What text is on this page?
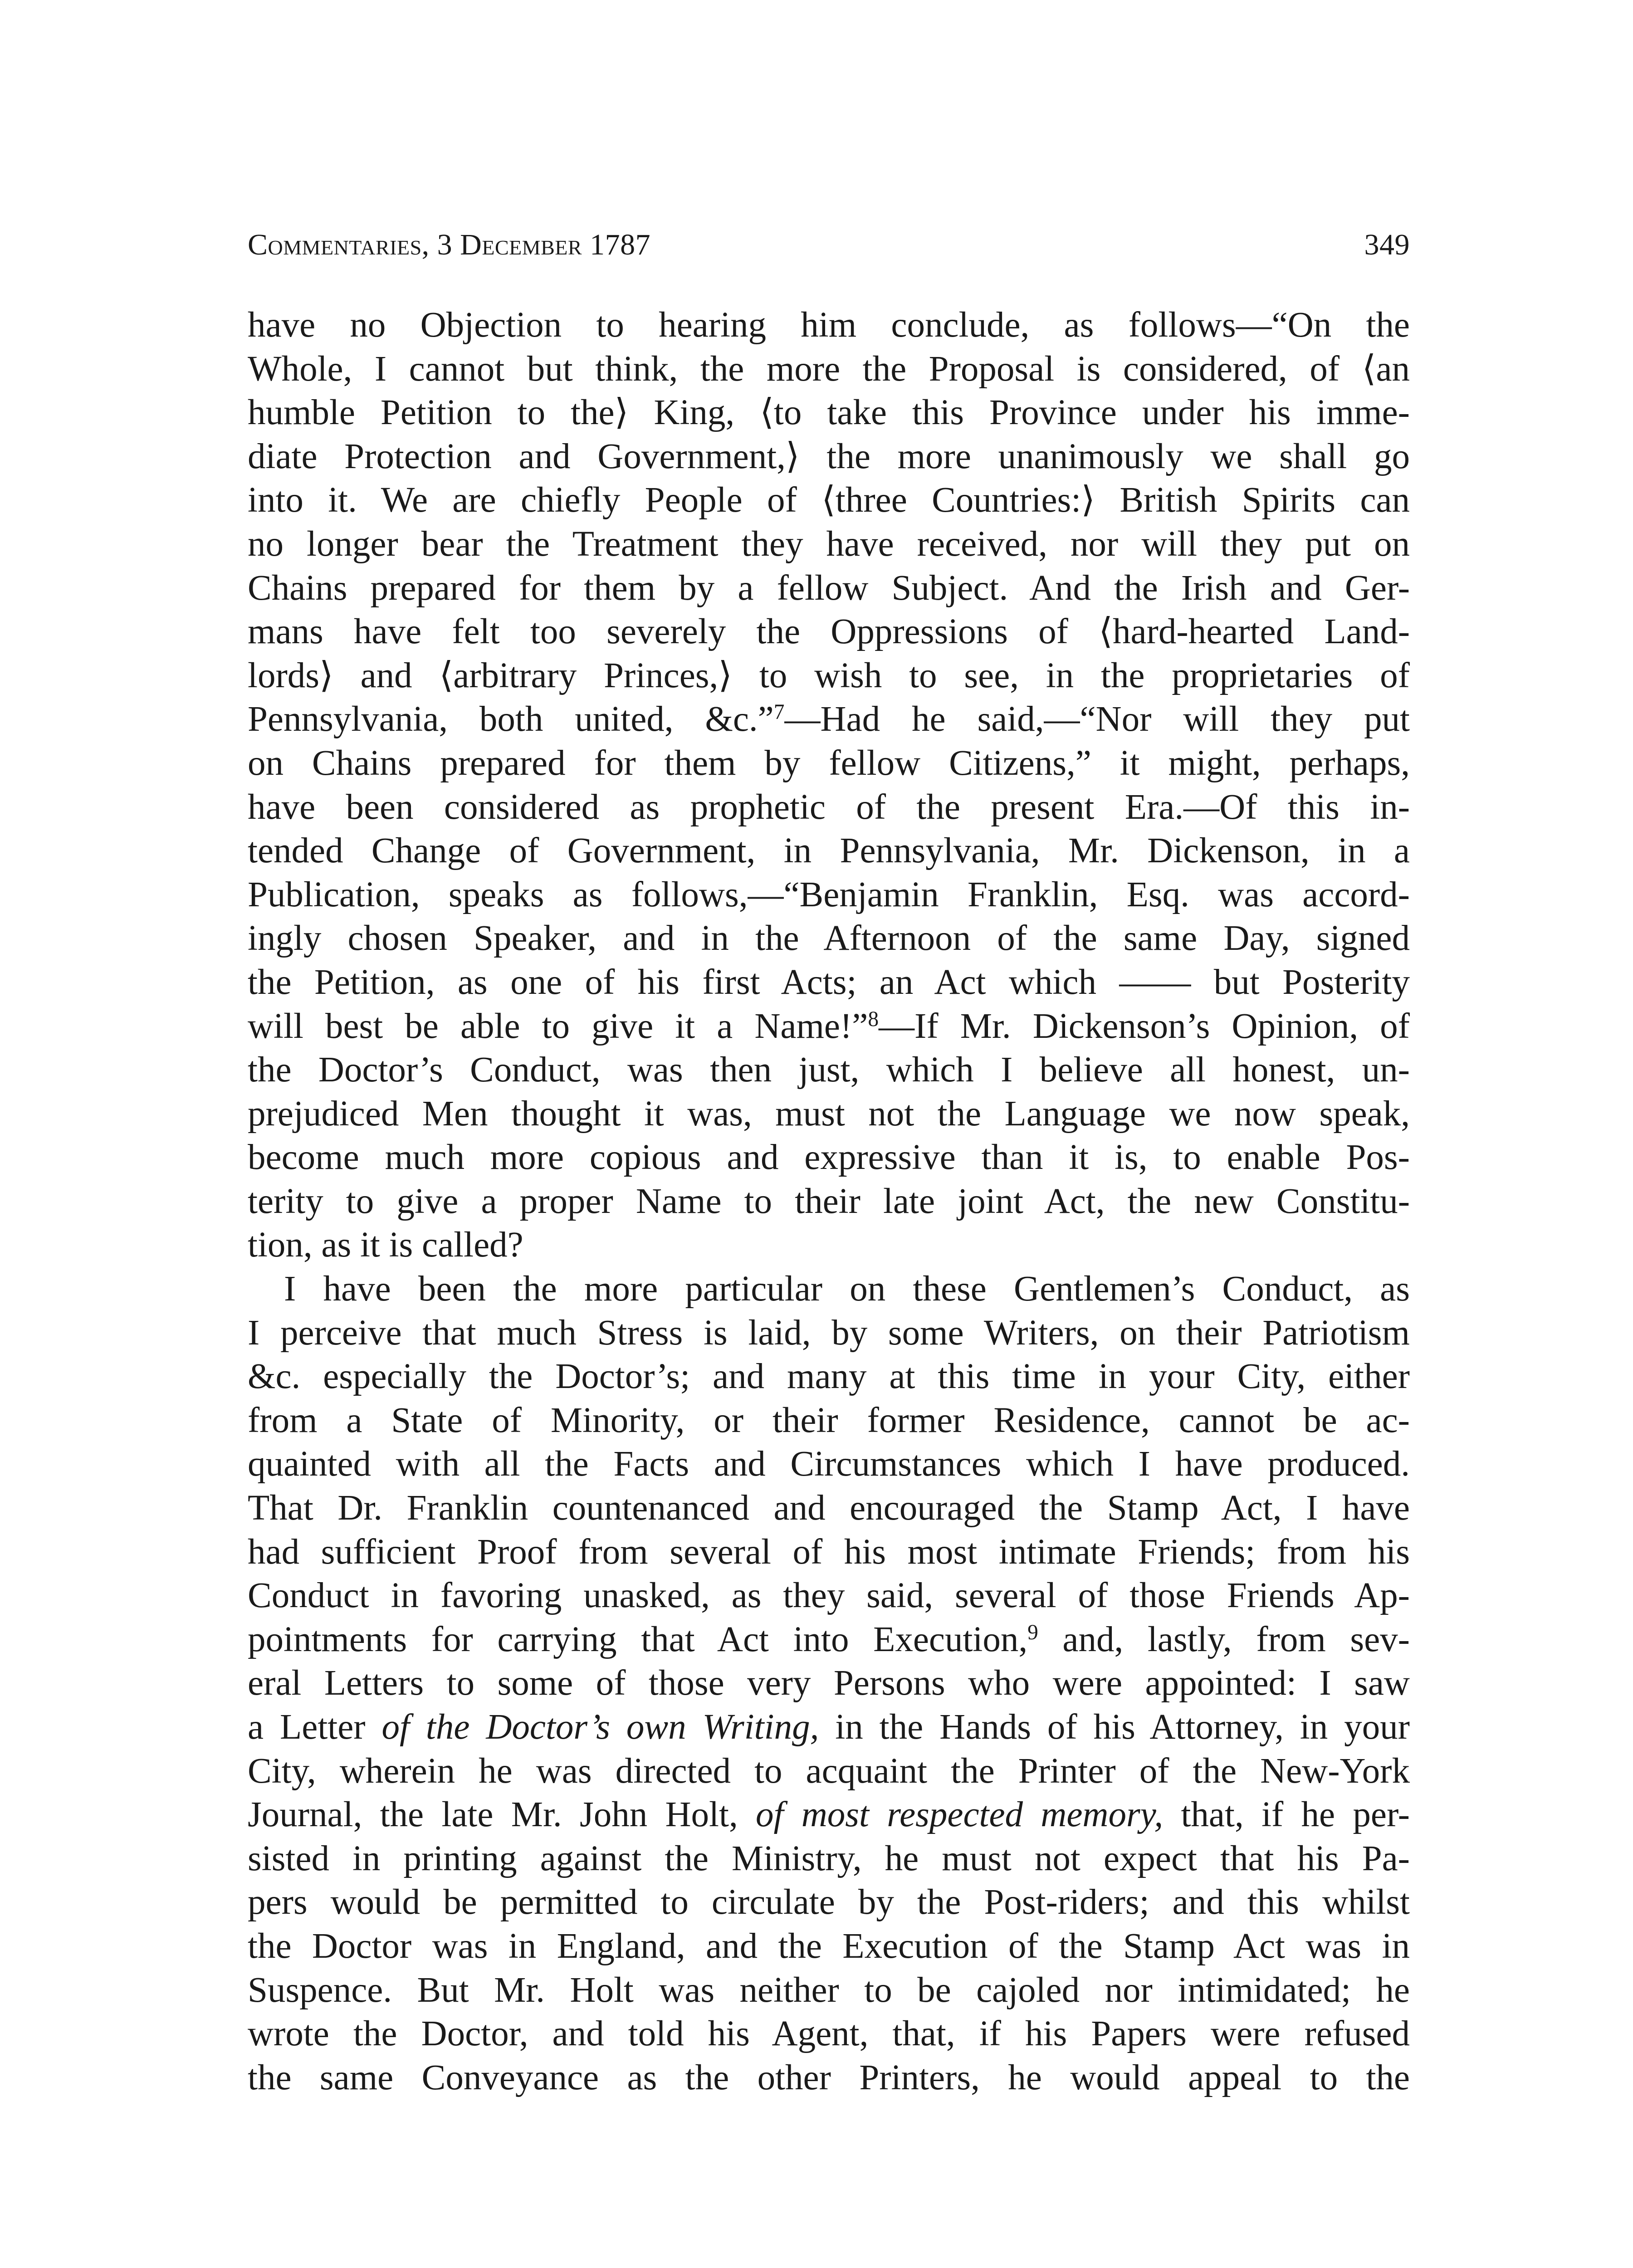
Commentaries, 3 December 1787	349
have no Objection to hearing him conclude, as follows—“On the
Whole, I cannot but think, the more the Proposal is considered, of ⟨an
humble Petition to the⟩ King, ⟨to take this Province under his imme-
diate Protection and Government,⟩ the more unanimously we shall go
into it. We are chiefly People of ⟨three Countries:⟩ British Spirits can
no longer bear the Treatment they have received, nor will they put on
Chains prepared for them by a fellow Subject. And the Irish and Ger-
mans have felt too severely the Oppressions of ⟨hard-hearted Land-
lords⟩ and ⟨arbitrary Princes,⟩ to wish to see, in the proprietaries of
Pennsylvania, both united, &c.”$^7$—Had he said,—“Nor will they put
on Chains prepared for them by fellow Citizens,” it might, perhaps,
have been considered as prophetic of the present Era.—Of this in-
tended Change of Government, in Pennsylvania, Mr. Dickenson, in a
Publication, speaks as follows,—“Benjamin Franklin, Esq. was accord-
ingly chosen Speaker, and in the Afternoon of the same Day, signed
the Petition, as one of his first Acts; an Act which —— but Posterity
will best be able to give it a Name!”$^8$—If Mr. Dickenson’s Opinion, of
the Doctor’s Conduct, was then just, which I believe all honest, un-
prejudiced Men thought it was, must not the Language we now speak,
become much more copious and expressive than it is, to enable Pos-
terity to give a proper Name to their late joint Act, the new Constitu-
tion, as it is called?
I have been the more particular on these Gentlemen’s Conduct, as
I perceive that much Stress is laid, by some Writers, on their Patriotism
&c. especially the Doctor’s; and many at this time in your City, either
from a State of Minority, or their former Residence, cannot be ac-
quainted with all the Facts and Circumstances which I have produced.
That Dr. Franklin countenanced and encouraged the Stamp Act, I have
had sufficient Proof from several of his most intimate Friends; from his
Conduct in favoring unasked, as they said, several of those Friends Ap-
pointments for carrying that Act into Execution,$^9$ and, lastly, from sev-
eral Letters to some of those very Persons who were appointed: I saw
a Letter of the Doctor’s own Writing, in the Hands of his Attorney, in your
City, wherein he was directed to acquaint the Printer of the New-York
Journal, the late Mr. John Holt, of most respected memory, that, if he per-
sisted in printing against the Ministry, he must not expect that his Pa-
pers would be permitted to circulate by the Post-riders; and this whilst
the Doctor was in England, and the Execution of the Stamp Act was in
Suspence. But Mr. Holt was neither to be cajoled nor intimidated; he
wrote the Doctor, and told his Agent, that, if his Papers were refused
the same Conveyance as the other Printers, he would appeal to the
